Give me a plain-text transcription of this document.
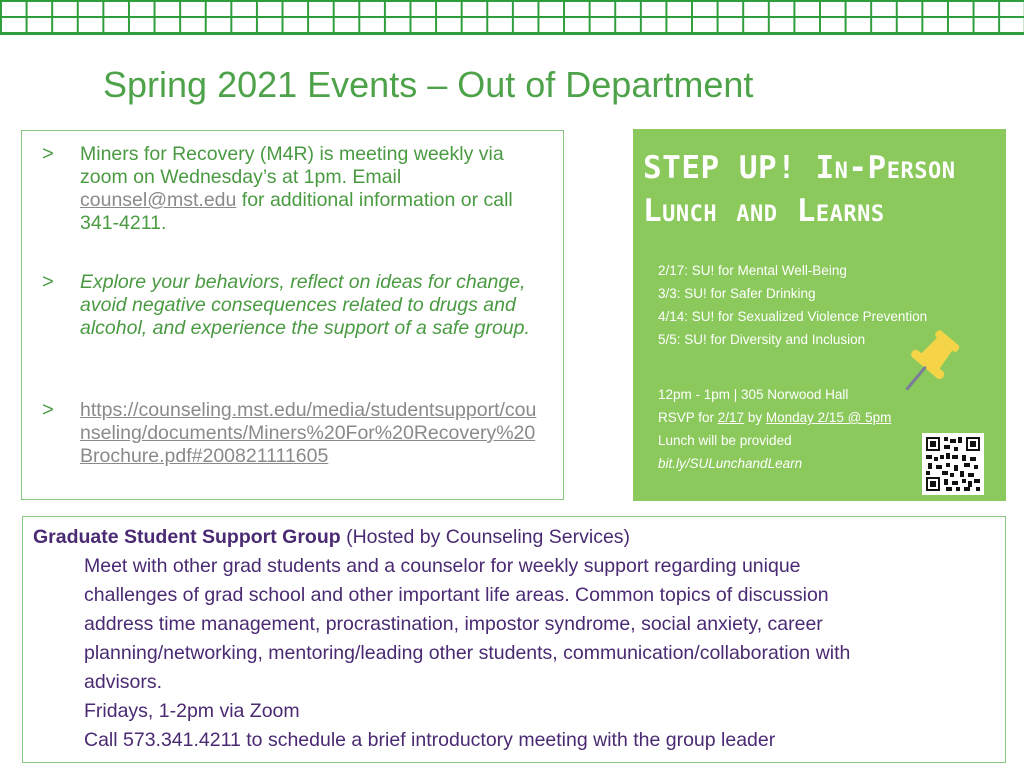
Spring 2021 Events – Out of Department
> Miners for Recovery (M4R) is meeting weekly via zoom on Wednesday’s at 1pm. Email counsel@mst.edu for additional information or call 341-4211.
> Explore your behaviors, reflect on ideas for change, avoid negative consequences related to drugs and alcohol, and experience the support of a safe group.
> https://counseling.mst.edu/media/studentsupport/counseling/documents/Miners%20For%20Recovery%20Brochure.pdf#200821111605
STEP UP! In-Person
Lunch and Learns
2/17: SU! for Mental Well-Being
3/3: SU! for Safer Drinking
4/14: SU! for Sexualized Violence Prevention
5/5: SU! for Diversity and Inclusion
12pm - 1pm | 305 Norwood Hall
RSVP for 2/17 by Monday 2/15 @ 5pm
Lunch will be provided
bit.ly/SULunchandLearn
Graduate Student Support Group (Hosted by Counseling Services)
Meet with other grad students and a counselor for weekly support regarding unique
challenges of grad school and other important life areas. Common topics of discussion
address time management, procrastination, impostor syndrome, social anxiety, career
planning/networking, mentoring/leading other students, communication/collaboration with
advisors.
Fridays, 1-2pm via Zoom
Call 573.341.4211 to schedule a brief introductory meeting with the group leader
